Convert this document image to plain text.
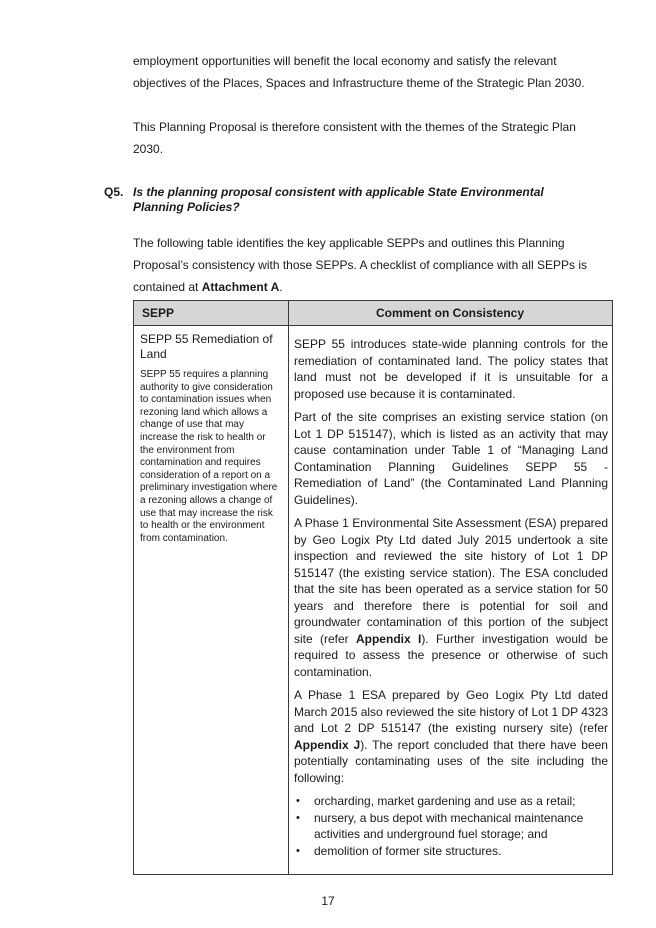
employment opportunities will benefit the local economy and satisfy the relevant objectives of the Places, Spaces and Infrastructure theme of the Strategic Plan 2030.

This Planning Proposal is therefore consistent with the themes of the Strategic Plan 2030.

Q5. Is the planning proposal consistent with applicable State Environmental Planning Policies?

The following table identifies the key applicable SEPPs and outlines this Planning Proposal’s consistency with those SEPPs. A checklist of compliance with all SEPPs is contained at Attachment A.

SEPP	Comment on Consistency

SEPP 55 Remediation of Land

SEPP 55 requires a planning authority to give consideration to contamination issues when rezoning land which allows a change of use that may increase the risk to health or the environment from contamination and requires consideration of a report on a preliminary investigation where a rezoning allows a change of use that may increase the risk to health or the environment from contamination.

SEPP 55 introduces state-wide planning controls for the remediation of contaminated land. The policy states that land must not be developed if it is unsuitable for a proposed use because it is contaminated.

Part of the site comprises an existing service station (on Lot 1 DP 515147), which is listed as an activity that may cause contamination under Table 1 of “Managing Land Contamination Planning Guidelines SEPP 55 - Remediation of Land” (the Contaminated Land Planning Guidelines).

A Phase 1 Environmental Site Assessment (ESA) prepared by Geo Logix Pty Ltd dated July 2015 undertook a site inspection and reviewed the site history of Lot 1 DP 515147 (the existing service station). The ESA concluded that the site has been operated as a service station for 50 years and therefore there is potential for soil and groundwater contamination of this portion of the subject site (refer Appendix I). Further investigation would be required to assess the presence or otherwise of such contamination.

A Phase 1 ESA prepared by Geo Logix Pty Ltd dated March 2015 also reviewed the site history of Lot 1 DP 4323 and Lot 2 DP 515147 (the existing nursery site) (refer Appendix J). The report concluded that there have been potentially contaminating uses of the site including the following:

• orcharding, market gardening and use as a retail;
• nursery, a bus depot with mechanical maintenance activities and underground fuel storage; and
• demolition of former site structures.
17
